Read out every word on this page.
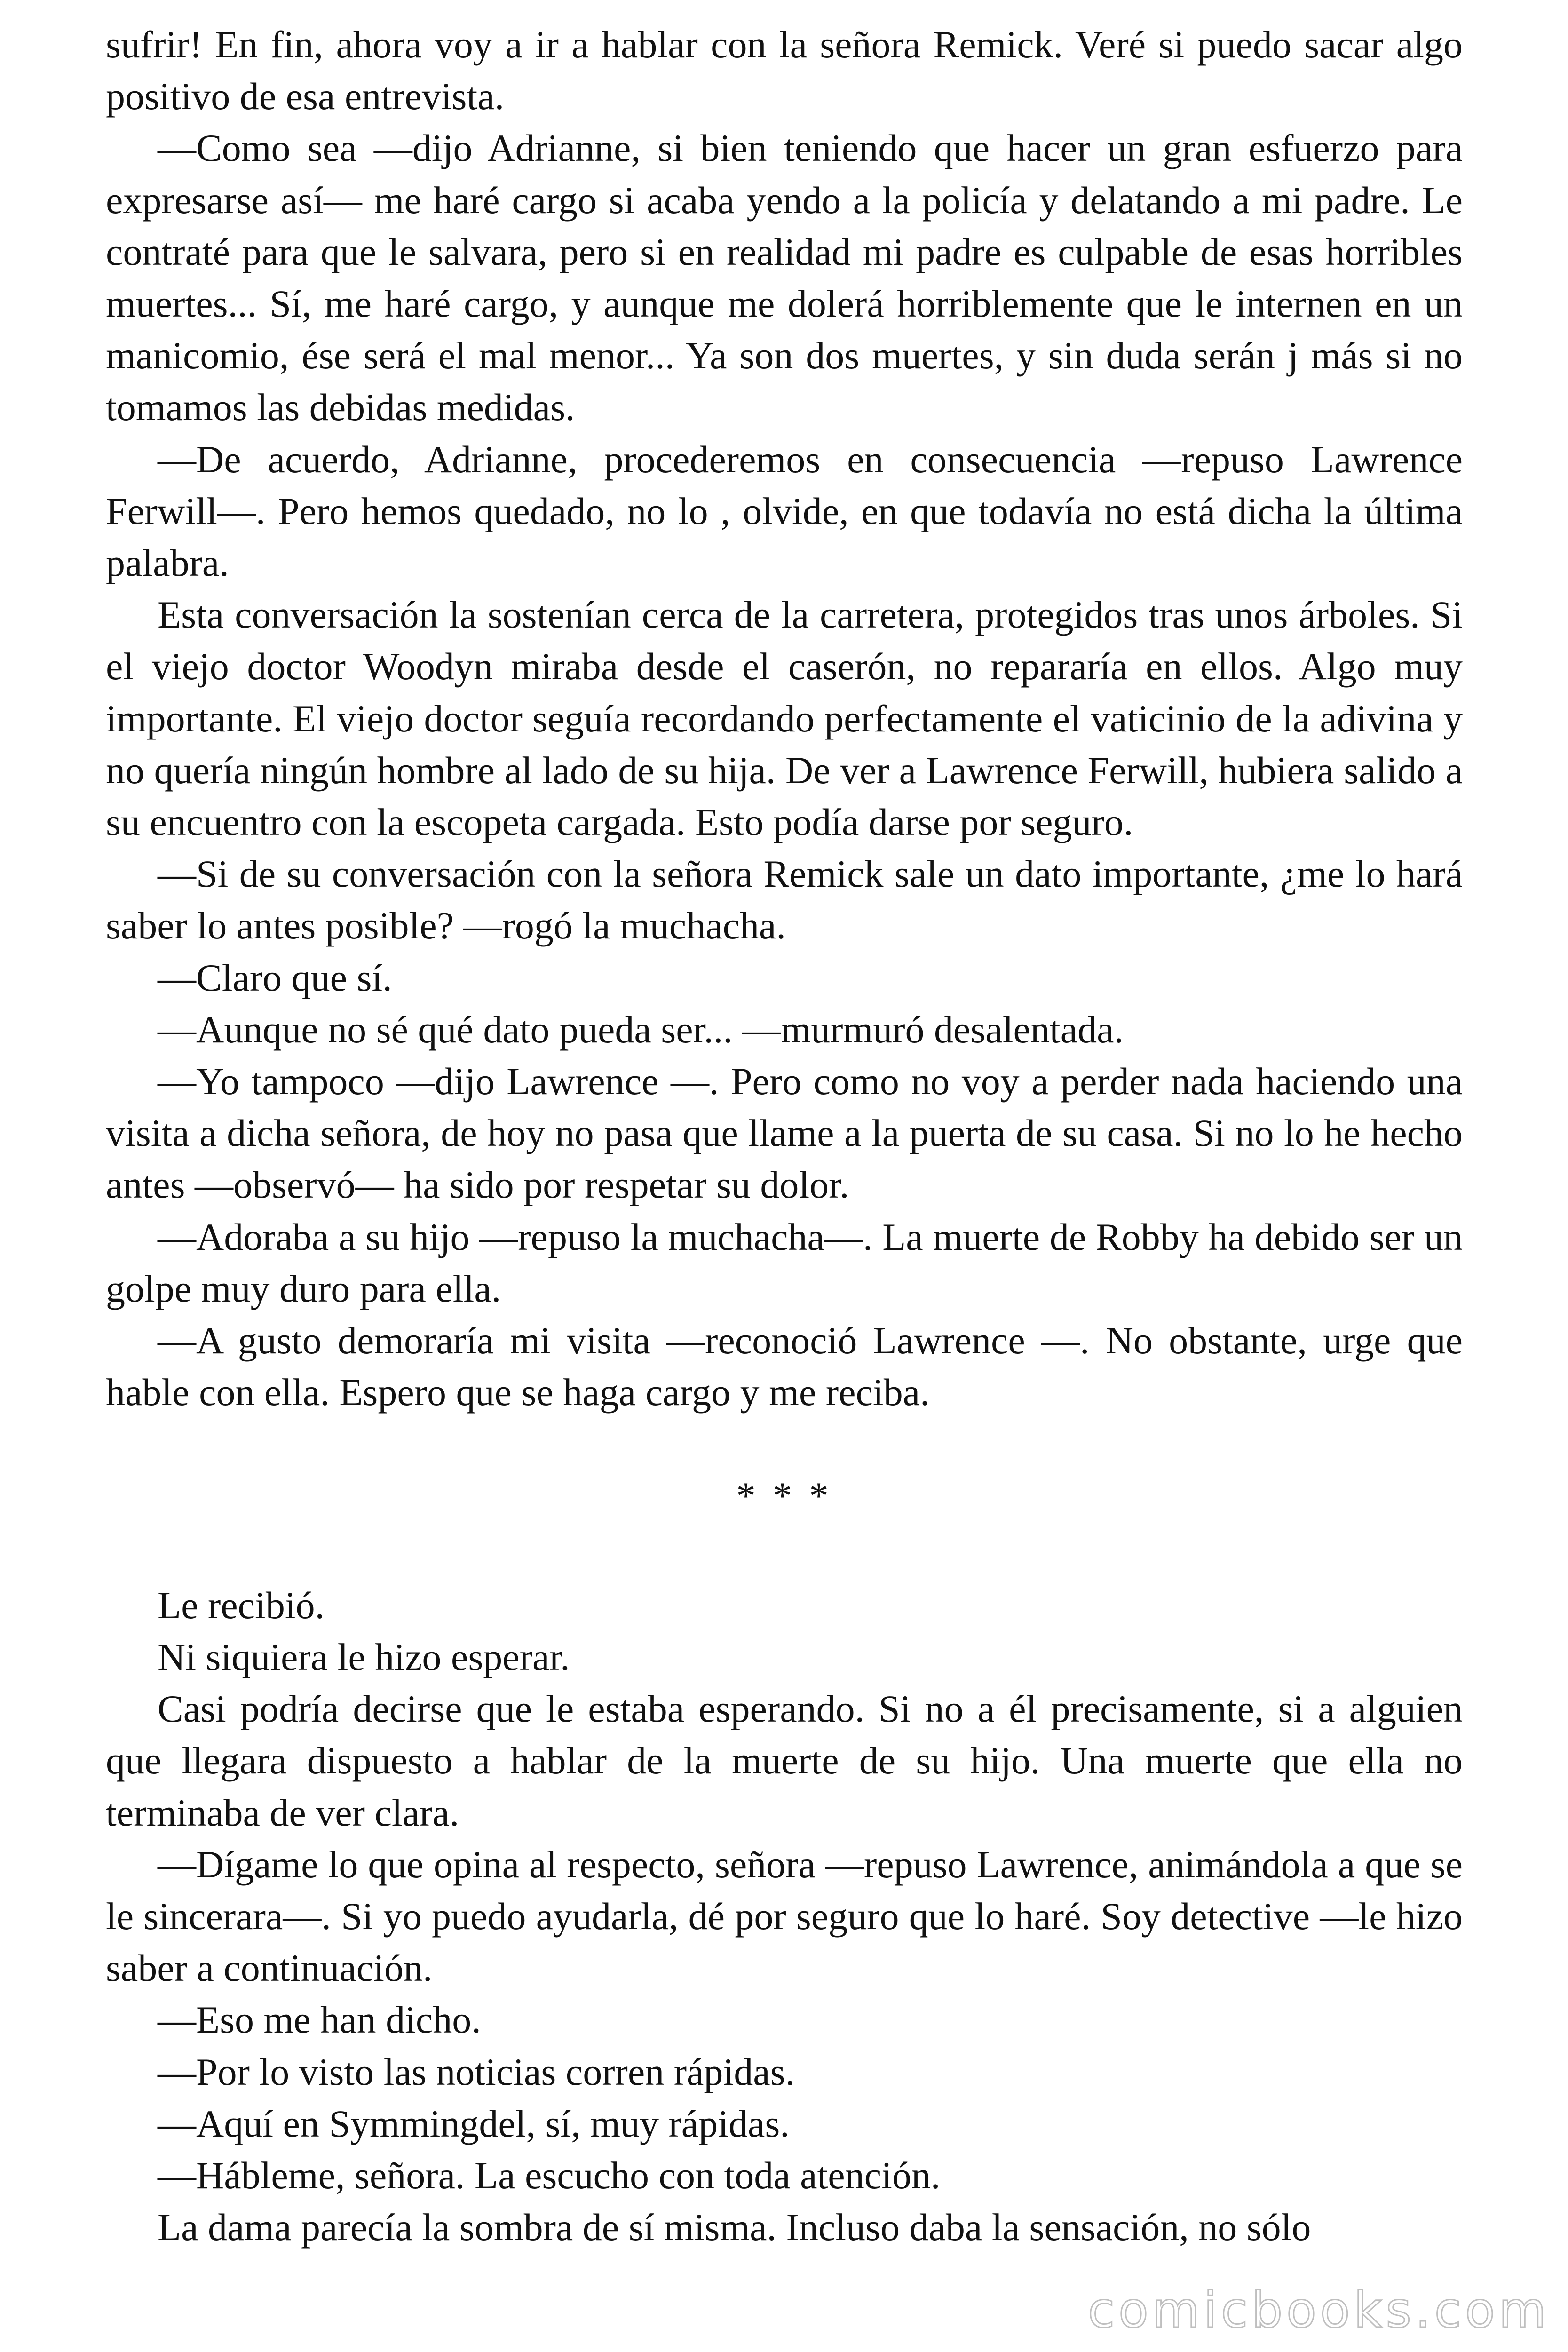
sufrir! En fin, ahora voy a ir a hablar con la señora Remick. Veré si puedo sacar algo positivo de esa entrevista.

—Como sea —dijo Adrianne, si bien teniendo que hacer un gran esfuerzo para expresarse así— me haré cargo si acaba yendo a la policía y delatando a mi padre. Le contraté para que le salvara, pero si en realidad mi padre es culpable de esas horribles muertes... Sí, me haré cargo, y aunque me dolerá horriblemente que le internen en un manicomio, ése será el mal menor... Ya son dos muertes, y sin duda serán j más si no tomamos las debidas medidas.

—De acuerdo, Adrianne, procederemos en consecuencia —repuso Lawrence Ferwill—. Pero hemos quedado, no lo , olvide, en que todavía no está dicha la última palabra.

Esta conversación la sostenían cerca de la carretera, protegidos tras unos árboles. Si el viejo doctor Woodyn miraba desde el caserón, no repararía en ellos. Algo muy importante. El viejo doctor seguía recordando perfectamente el vaticinio de la adivina y no quería ningún hombre al lado de su hija. De ver a Lawrence Ferwill, hubiera salido a su encuentro con la escopeta cargada. Esto podía darse por seguro.

—Si de su conversación con la señora Remick sale un dato importante, ¿me lo hará saber lo antes posible? —rogó la muchacha.

—Claro que sí.

—Aunque no sé qué dato pueda ser... —murmuró desalentada.

—Yo tampoco —dijo Lawrence —. Pero como no voy a perder nada haciendo una visita a dicha señora, de hoy no pasa que llame a la puerta de su casa. Si no lo he hecho antes —observó— ha sido por respetar su dolor.

—Adoraba a su hijo —repuso la muchacha—. La muerte de Robby ha debido ser un golpe muy duro para ella.

—A gusto demoraría mi visita —reconoció Lawrence —. No obstante, urge que hable con ella. Espero que se haga cargo y me reciba.

* * *

Le recibió.

Ni siquiera le hizo esperar.

Casi podría decirse que le estaba esperando. Si no a él precisamente, si a alguien que llegara dispuesto a hablar de la muerte de su hijo. Una muerte que ella no terminaba de ver clara.

—Dígame lo que opina al respecto, señora —repuso Lawrence, animándola a que se le sincerara—. Si yo puedo ayudarla, dé por seguro que lo haré. Soy detective —le hizo saber a continuación.

—Eso me han dicho.

—Por lo visto las noticias corren rápidas.

—Aquí en Symmingdel, sí, muy rápidas.

—Hábleme, señora. La escucho con toda atención.

La dama parecía la sombra de sí misma. Incluso daba la sensación, no sólo

comicbooks.com
